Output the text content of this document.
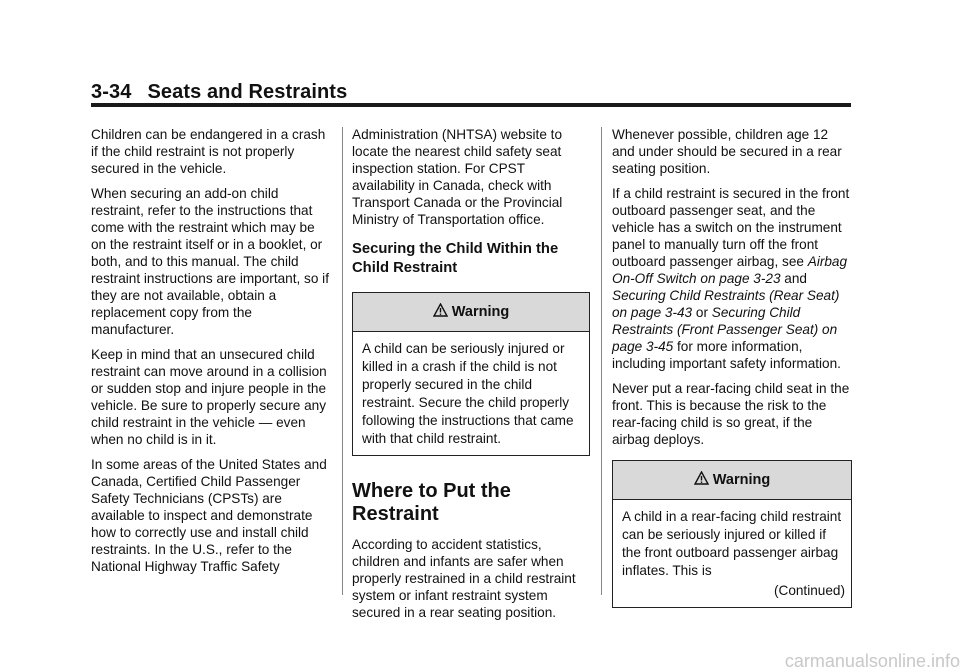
3-34 Seats and Restraints

Children can be endangered in a crash if the child restraint is not properly secured in the vehicle.

When securing an add-on child restraint, refer to the instructions that come with the restraint which may be on the restraint itself or in a booklet, or both, and to this manual. The child restraint instructions are important, so if they are not available, obtain a replacement copy from the manufacturer.

Keep in mind that an unsecured child restraint can move around in a collision or sudden stop and injure people in the vehicle. Be sure to properly secure any child restraint in the vehicle — even when no child is in it.

In some areas of the United States and Canada, Certified Child Passenger Safety Technicians (CPSTs) are available to inspect and demonstrate how to correctly use and install child restraints. In the U.S., refer to the National Highway Traffic Safety

Administration (NHTSA) website to locate the nearest child safety seat inspection station. For CPST availability in Canada, check with Transport Canada or the Provincial Ministry of Transportation office.

Securing the Child Within the Child Restraint
Warning
A child can be seriously injured or killed in a crash if the child is not properly secured in the child restraint. Secure the child properly following the instructions that came with that child restraint.
Where to Put the Restraint

According to accident statistics, children and infants are safer when properly restrained in a child restraint system or infant restraint system secured in a rear seating position.

Whenever possible, children age 12 and under should be secured in a rear seating position.

If a child restraint is secured in the front outboard passenger seat, and the vehicle has a switch on the instrument panel to manually turn off the front outboard passenger airbag, see Airbag On-Off Switch on page 3-23 and Securing Child Restraints (Rear Seat) on page 3-43 or Securing Child Restraints (Front Passenger Seat) on page 3-45 for more information, including important safety information.

Never put a rear-facing child seat in the front. This is because the risk to the rear-facing child is so great, if the airbag deploys.

Warning
A child in a rear-facing child restraint can be seriously injured or killed if the front outboard passenger airbag inflates. This is
(Continued)
carmanualsonline.info
